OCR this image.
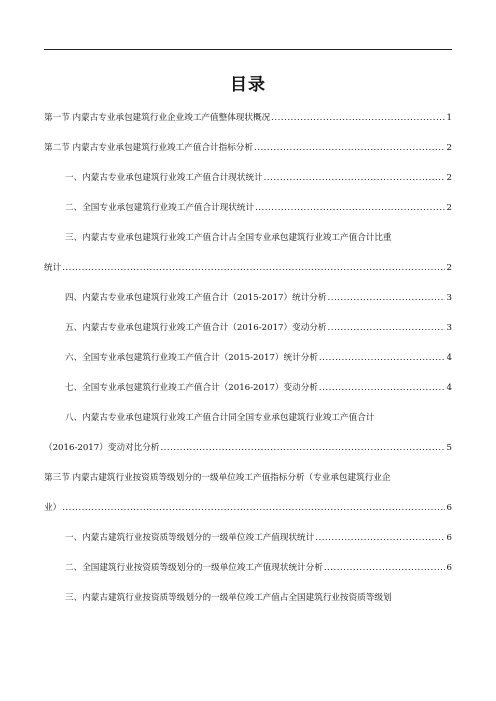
目录
第一节 内蒙古专业承包建筑行业企业竣工产值整体现状概况 .....	1
第二节 内蒙古专业承包建筑行业竣工产值合计指标分析 .....	2
一、内蒙古专业承包建筑行业竣工产值合计现状统计 .....	2
二、全国专业承包建筑行业竣工产值合计现状统计 .....	2
三、内蒙古专业承包建筑行业竣工产值合计占全国专业承包建筑行业竣工产值合计比重
统计 .....	2
四、内蒙古专业承包建筑行业竣工产值合计（2015-2017）统计分析 .....	3
五、内蒙古专业承包建筑行业竣工产值合计（2016-2017）变动分析 .....	3
六、全国专业承包建筑行业竣工产值合计（2015-2017）统计分析 .....	4
七、全国专业承包建筑行业竣工产值合计（2016-2017）变动分析 .....	4
八、内蒙古专业承包建筑行业竣工产值合计同全国专业承包建筑行业竣工产值合计
（2016-2017）变动对比分析 .....	5
第三节 内蒙古建筑行业按资质等级划分的一级单位竣工产值指标分析（专业承包建筑行业企
业） .....	6
一、内蒙古建筑行业按资质等级划分的一级单位竣工产值现状统计 .....	6
二、全国建筑行业按资质等级划分的一级单位竣工产值现状统计分析 .....	6
三、内蒙古建筑行业按资质等级划分的一级单位竣工产值占全国建筑行业按资质等级划
